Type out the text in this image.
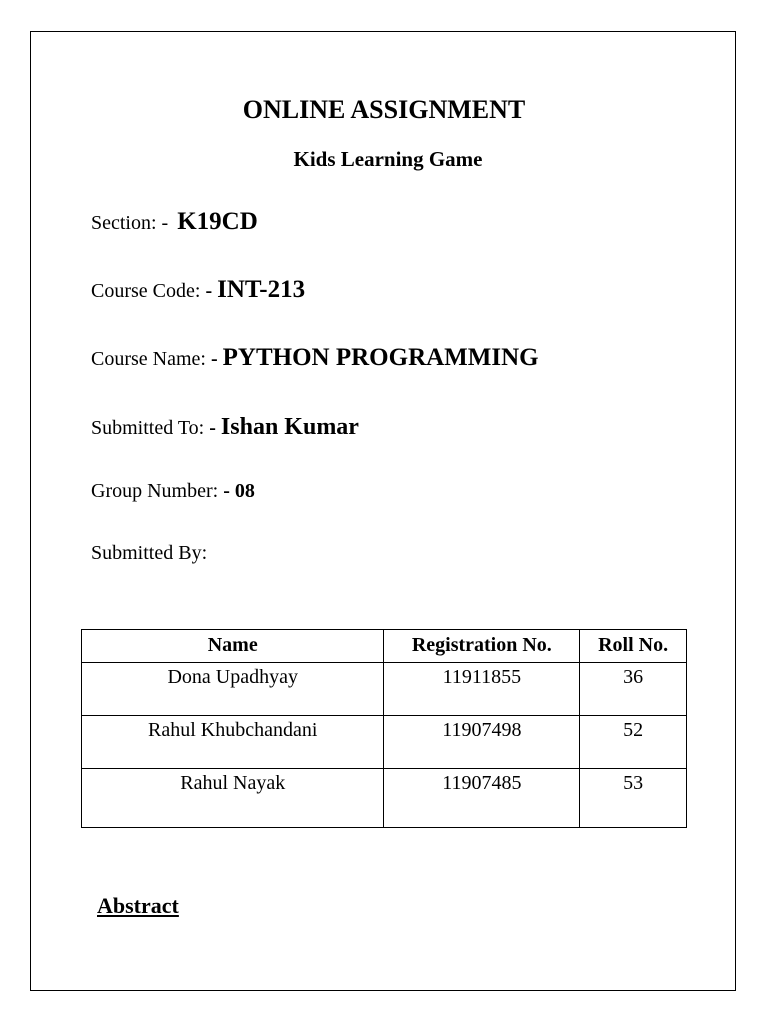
ONLINE ASSIGNMENT
Kids Learning Game
Section: -  K19CD
Course Code: - INT-213
Course Name: - PYTHON PROGRAMMING
Submitted To: - Ishan Kumar
Group Number: - 08
Submitted By:
Name	Registration No.	Roll No.
Dona Upadhyay	11911855	36
Rahul Khubchandani	11907498	52
Rahul Nayak	11907485	53
Abstract
